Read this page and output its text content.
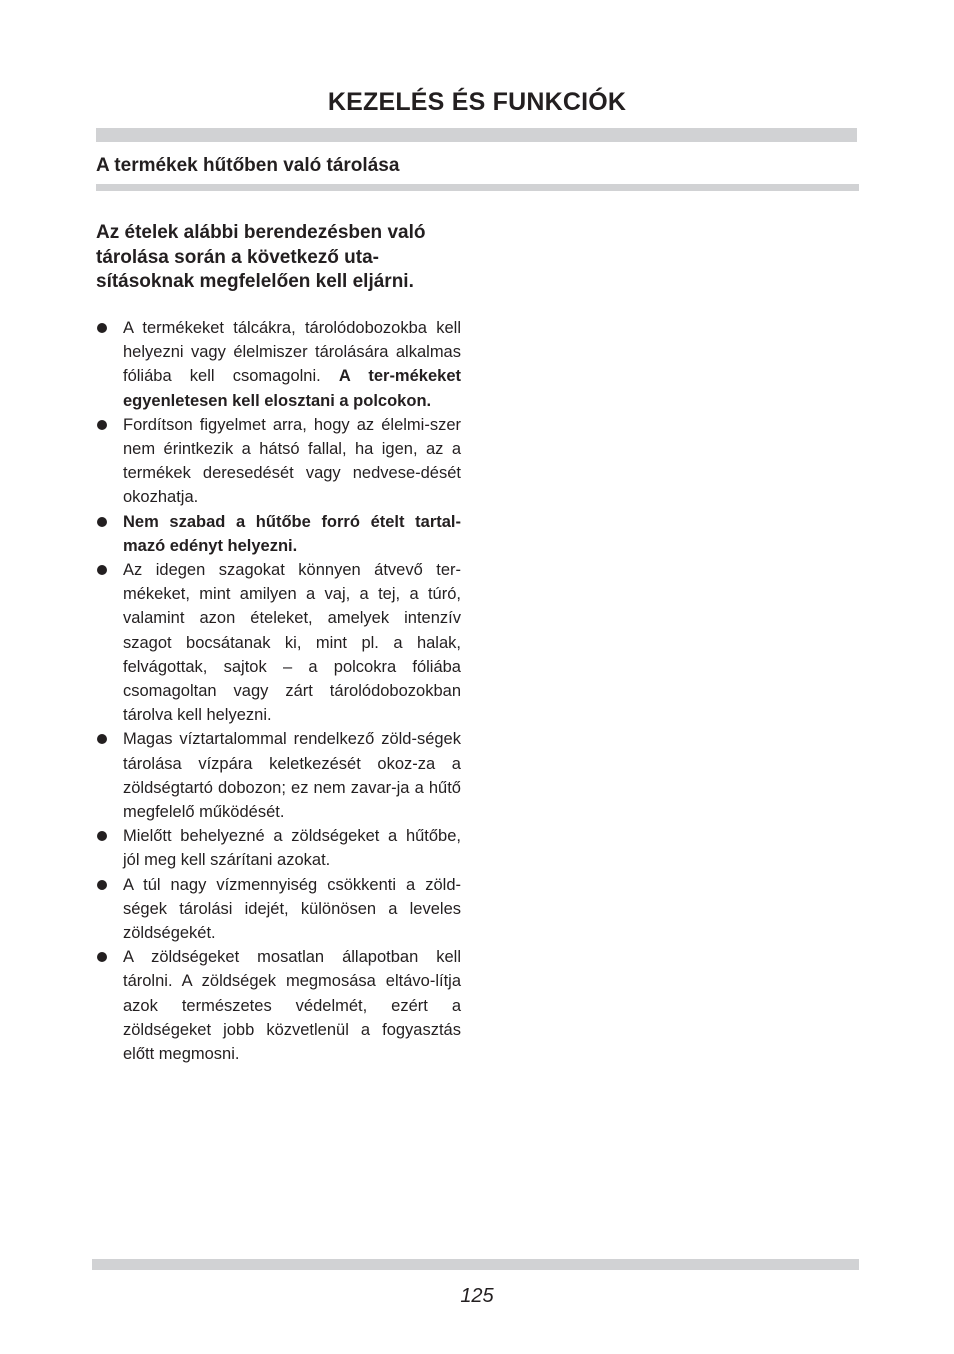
KEZELÉS ÉS FUNKCIÓK
A termékek hűtőben való tárolása

Az ételek alábbi berendezésben való tárolása során a következő uta-sításoknak megfelelően kell eljárni.

A termékeket tálcákra, tárolódobozokba kell helyezni vagy élelmiszer tárolására alkalmas fóliába kell csomagolni. A ter-mékeket egyenletesen kell elosztani a polcokon.
Fordítson figyelmet arra, hogy az élelmi-szer nem érintkezik a hátsó fallal, ha igen, az a termékek deresedését vagy nedvese-dését okozhatja.
Nem szabad a hűtőbe forró ételt tartal-mazó edényt helyezni.
Az idegen szagokat könnyen átvevő ter-mékeket, mint amilyen a vaj, a tej, a túró, valamint azon ételeket, amelyek intenzív szagot bocsátanak ki, mint pl. a halak, felvágottak, sajtok – a polcokra fóliába csomagoltan vagy zárt tárolódobozokban tárolva kell helyezni.
Magas víztartalommal rendelkező zöld-ségek tárolása vízpára keletkezését okoz-za a zöldségtartó dobozon; ez nem zavar-ja a hűtő megfelelő működését.
Mielőtt behelyezné a zöldségeket a hűtőbe, jól meg kell szárítani azokat.
A túl nagy vízmennyiség csökkenti a zöld-ségek tárolási idejét, különösen a leveles zöldségekét.
A zöldségeket mosatlan állapotban kell tárolni. A zöldségek megmosása eltávo-lítja azok természetes védelmét, ezért a zöldségeket jobb közvetlenül a fogyasztás előtt megmosni.
125
